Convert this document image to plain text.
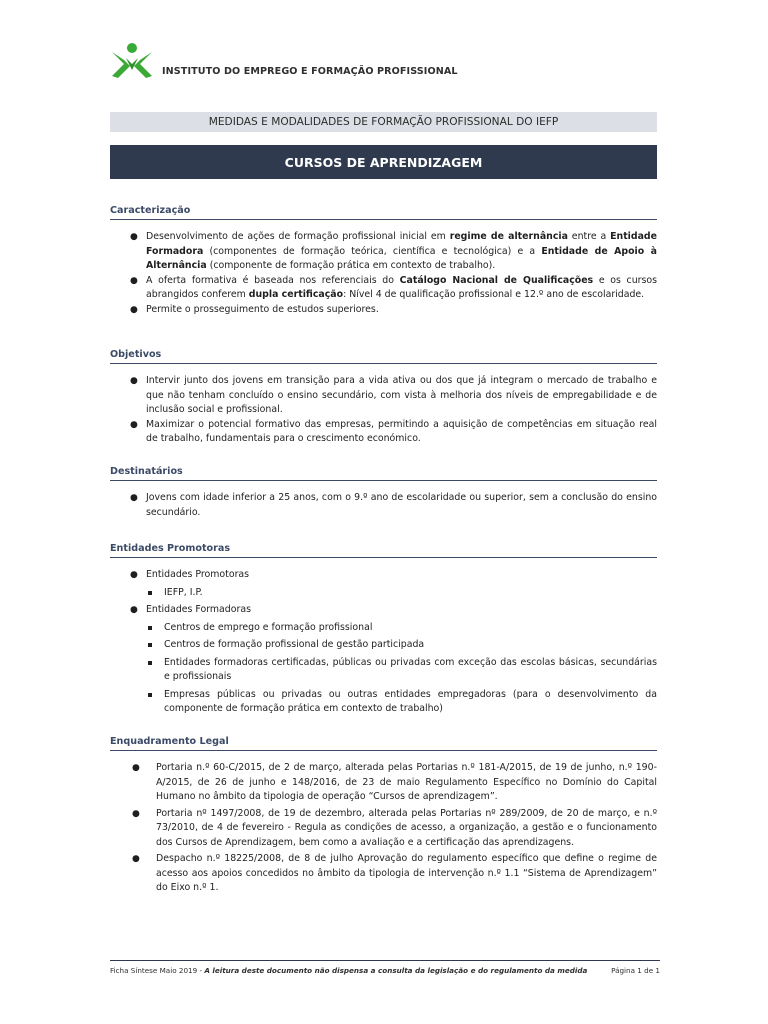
INSTITUTO DO EMPREGO E FORMAÇÃO PROFISSIONAL
MEDIDAS E MODALIDADES DE FORMAÇÃO PROFISSIONAL DO IEFP
CURSOS DE APRENDIZAGEM
Caracterização
● Desenvolvimento de ações de formação profissional inicial em regime de alternância entre a Entidade Formadora (componentes de formação teórica, científica e tecnológica) e a Entidade de Apoio à Alternância (componente de formação prática em contexto de trabalho).
● A oferta formativa é baseada nos referenciais do Catálogo Nacional de Qualificações e os cursos abrangidos conferem dupla certificação: Nível 4 de qualificação profissional e 12.º ano de escolaridade.
● Permite o prosseguimento de estudos superiores.
Objetivos
● Intervir junto dos jovens em transição para a vida ativa ou dos que já integram o mercado de trabalho e que não tenham concluído o ensino secundário, com vista à melhoria dos níveis de empregabilidade e de inclusão social e profissional.
● Maximizar o potencial formativo das empresas, permitindo a aquisição de competências em situação real de trabalho, fundamentais para o crescimento económico.
Destinatários
● Jovens com idade inferior a 25 anos, com o 9.º ano de escolaridade ou superior, sem a conclusão do ensino secundário.
Entidades Promotoras
● Entidades Promotoras
IEFP, I.P.
● Entidades Formadoras
Centros de emprego e formação profissional
Centros de formação profissional de gestão participada
Entidades formadoras certificadas, públicas ou privadas com exceção das escolas básicas, secundárias e profissionais
Empresas públicas ou privadas ou outras entidades empregadoras (para o desenvolvimento da componente de formação prática em contexto de trabalho)
Enquadramento Legal
● Portaria n.º 60-C/2015, de 2 de março, alterada pelas Portarias n.º 181-A/2015, de 19 de junho, n.º 190-A/2015, de 26 de junho e 148/2016, de 23 de maio Regulamento Específico no Domínio do Capital Humano no âmbito da tipologia de operação “Cursos de aprendizagem”.
● Portaria nº 1497/2008, de 19 de dezembro, alterada pelas Portarias nº 289/2009, de 20 de março, e n.º 73/2010, de 4 de fevereiro - Regula as condições de acesso, a organização, a gestão e o funcionamento dos Cursos de Aprendizagem, bem como a avaliação e a certificação das aprendizagens.
● Despacho n.º 18225/2008, de 8 de julho Aprovação do regulamento específico que define o regime de acesso aos apoios concedidos no âmbito da tipologia de intervenção n.º 1.1 “Sistema de Aprendizagem” do Eixo n.º 1.
Ficha Síntese Maio 2019 - A leitura deste documento não dispensa a consulta da legislação e do regulamento da medida	Página 1 de 1
